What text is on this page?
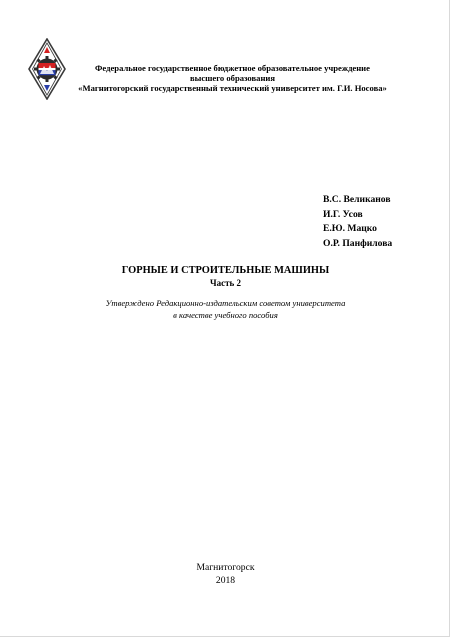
Федеральное государственное бюджетное образовательное учреждение
высшего образования
«Магнитогорский государственный технический университет им. Г.И. Носова»
В.С. Великанов
И.Г. Усов
Е.Ю. Мацко
О.Р. Панфилова
ГОРНЫЕ И СТРОИТЕЛЬНЫЕ МАШИНЫ
Часть 2
Утверждено Редакционно-издательским советом университета
в качестве учебного пособия
Магнитогорск
2018
